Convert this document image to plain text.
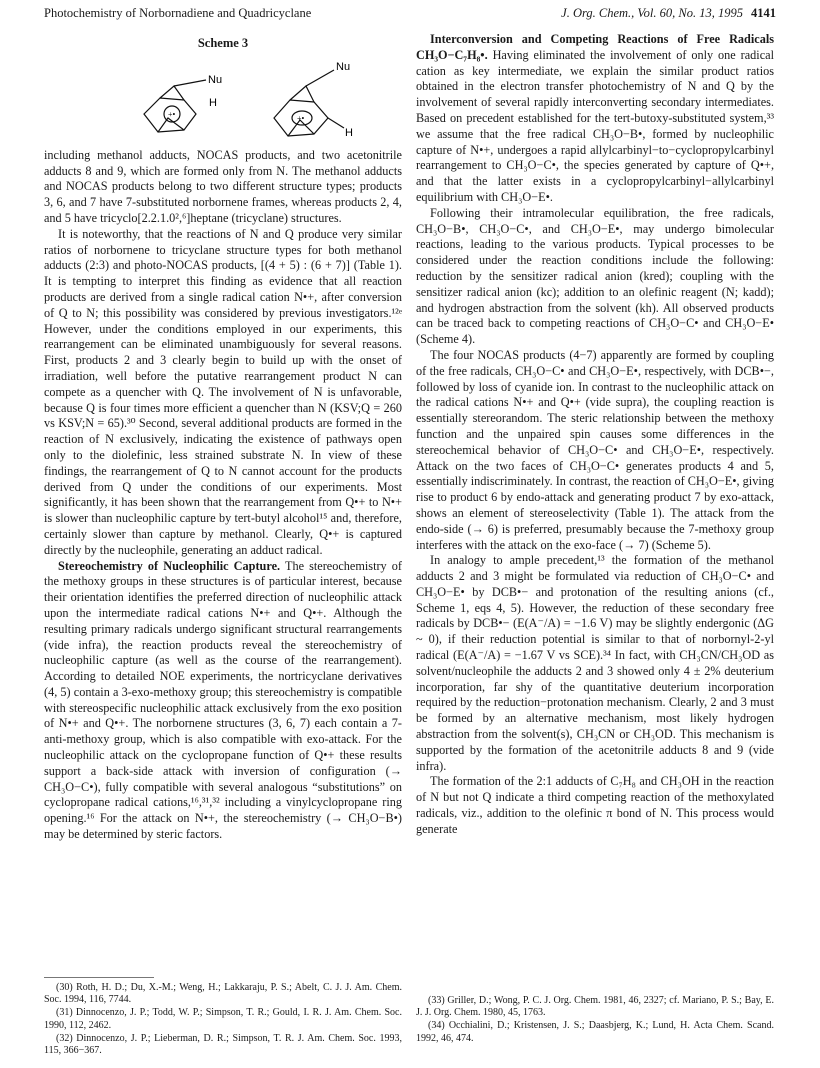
Photochemistry of Norbornadiene and Quadricyclane	J. Org. Chem., Vol. 60, No. 13, 1995 4141
Scheme 3
+•
Nu
H
+•
Nu
H

including methanol adducts, NOCAS products, and two acetonitrile adducts 8 and 9, which are formed only from N. The methanol adducts and NOCAS products belong to two different structure types; products 3, 6, and 7 have 7-substituted norbornene frames, whereas products 2, 4, and 5 have tricyclo[2.2.1.0²,⁶]heptane (tricyclane) structures.

It is noteworthy, that the reactions of N and Q produce very similar ratios of norbornene to tricyclane structure types for both methanol adducts (2:3) and photo-NOCAS products, [(4 + 5) : (6 + 7)] (Table 1). It is tempting to interpret this finding as evidence that all reaction products are derived from a single radical cation N•+, after conversion of Q to N; this possibility was considered by previous investigators.¹²ᵉ However, under the conditions employed in our experiments, this rearrangement can be eliminated unambiguously for several reasons. First, products 2 and 3 clearly begin to build up with the onset of irradiation, well before the putative rearrangement product N can compete as a quencher with Q. The involvement of N is unfavorable, because Q is four times more efficient a quencher than N (KSV;Q = 260 vs KSV;N = 65).³⁰ Second, several additional products are formed in the reaction of N exclusively, indicating the existence of pathways open only to the diolefinic, less strained substrate N. In view of these findings, the rearrangement of Q to N cannot account for the products derived from Q under the conditions of our experiments. Most significantly, it has been shown that the rearrangement from Q•+ to N•+ is slower than nucleophilic capture by tert-butyl alcohol¹⁵ and, therefore, certainly slower than capture by methanol. Clearly, Q•+ is captured directly by the nucleophile, generating an adduct radical.

Stereochemistry of Nucleophilic Capture. The stereochemistry of the methoxy groups in these structures is of particular interest, because their orientation identifies the preferred direction of nucleophilic attack upon the intermediate radical cations N•+ and Q•+. Although the resulting primary radicals undergo significant structural rearrangements (vide infra), the reaction products reveal the stereochemistry of nucleophilic capture (as well as the course of the rearrangement). According to detailed NOE experiments, the nortricyclane derivatives (4, 5) contain a 3-exo-methoxy group; this stereochemistry is compatible with stereospecific nucleophilic attack exclusively from the exo position of N•+ and Q•+. The norbornene structures (3, 6, 7) each contain a 7-anti-methoxy group, which is also compatible with exo-attack. For the nucleophilic attack on the cyclopropane function of Q•+ these results support a back-side attack with inversion of configuration (→ CH₃O−C•), fully compatible with several analogous “substitutions” on cyclopropane radical cations,¹⁶,³¹,³² including a vinylcyclopropane ring opening.¹⁶ For the attack on N•+, the stereochemistry (→ CH₃O−B•) may be determined by steric factors.

Interconversion and Competing Reactions of Free Radicals CH₃O−C₇H₈•. Having eliminated the involvement of only one radical cation as key intermediate, we explain the similar product ratios obtained in the electron transfer photochemistry of N and Q by the involvement of several rapidly interconverting secondary intermediates. Based on precedent established for the tert-butoxy-substituted system,³³ we assume that the free radical CH₃O−B•, formed by nucleophilic capture of N•+, undergoes a rapid allylcarbinyl−to−cyclopropylcarbinyl rearrangement to CH₃O−C•, the species generated by capture of Q•+, and that the latter exists in a cyclopropylcarbinyl−allylcarbinyl equilibrium with CH₃O−E•.

Following their intramolecular equilibration, the free radicals, CH₃O−B•, CH₃O−C•, and CH₃O−E•, may undergo bimolecular reactions, leading to the various products. Typical processes to be considered under the reaction conditions include the following: reduction by the sensitizer radical anion (kred); coupling with the sensitizer radical anion (kc); addition to an olefinic reagent (N; kadd); and hydrogen abstraction from the solvent (kh). All observed products can be traced back to competing reactions of CH₃O−C• and CH₃O−E• (Scheme 4).

The four NOCAS products (4−7) apparently are formed by coupling of the free radicals, CH₃O−C• and CH₃O−E•, respectively, with DCB•−, followed by loss of cyanide ion. In contrast to the nucleophilic attack on the radical cations N•+ and Q•+ (vide supra), the coupling reaction is essentially stereorandom. The steric relationship between the methoxy function and the unpaired spin causes some differences in the stereochemical behavior of CH₃O−C• and CH₃O−E•, respectively. Attack on the two faces of CH₃O−C• generates products 4 and 5, essentially indiscriminately. In contrast, the reaction of CH₃O−E•, giving rise to product 6 by endo-attack and generating product 7 by exo-attack, shows an element of stereoselectivity (Table 1). The attack from the endo-side (→ 6) is preferred, presumably because the 7-methoxy group interferes with the attack on the exo-face (→ 7) (Scheme 5).

In analogy to ample precedent,¹³ the formation of the methanol adducts 2 and 3 might be formulated via reduction of CH₃O−C• and CH₃O−E• by DCB•− and protonation of the resulting anions (cf., Scheme 1, eqs 4, 5). However, the reduction of these secondary free radicals by DCB•− (E(A⁻/A) = −1.6 V) may be slightly endergonic (ΔG ~ 0), if their reduction potential is similar to that of norbornyl-2-yl radical (E(A⁻/A) = −1.67 V vs SCE).³⁴ In fact, with CH₃CN/CH₃OD as solvent/nucleophile the adducts 2 and 3 showed only 4 ± 2% deuterium incorporation, far shy of the quantitative deuterium incorporation required by the reduction−protonation mechanism. Clearly, 2 and 3 must be formed by an alternative mechanism, most likely hydrogen abstraction from the solvent(s), CH₃CN or CH₃OD. This mechanism is supported by the formation of the acetonitrile adducts 8 and 9 (vide infra).

The formation of the 2:1 adducts of C₇H₈ and CH₃OH in the reaction of N but not Q indicate a third competing reaction of the methoxylated radicals, viz., addition to the olefinic π bond of N. This process would generate

(30) Roth, H. D.; Du, X.-M.; Weng, H.; Lakkaraju, P. S.; Abelt, C. J. J. Am. Chem. Soc. 1994, 116, 7744.

(31) Dinnocenzo, J. P.; Todd, W. P.; Simpson, T. R.; Gould, I. R. J. Am. Chem. Soc. 1990, 112, 2462.

(32) Dinnocenzo, J. P.; Lieberman, D. R.; Simpson, T. R. J. Am. Chem. Soc. 1993, 115, 366−367.

(33) Griller, D.; Wong, P. C. J. Org. Chem. 1981, 46, 2327; cf. Mariano, P. S.; Bay, E. J. J. Org. Chem. 1980, 45, 1763.

(34) Occhialini, D.; Kristensen, J. S.; Daasbjerg, K.; Lund, H. Acta Chem. Scand. 1992, 46, 474.
